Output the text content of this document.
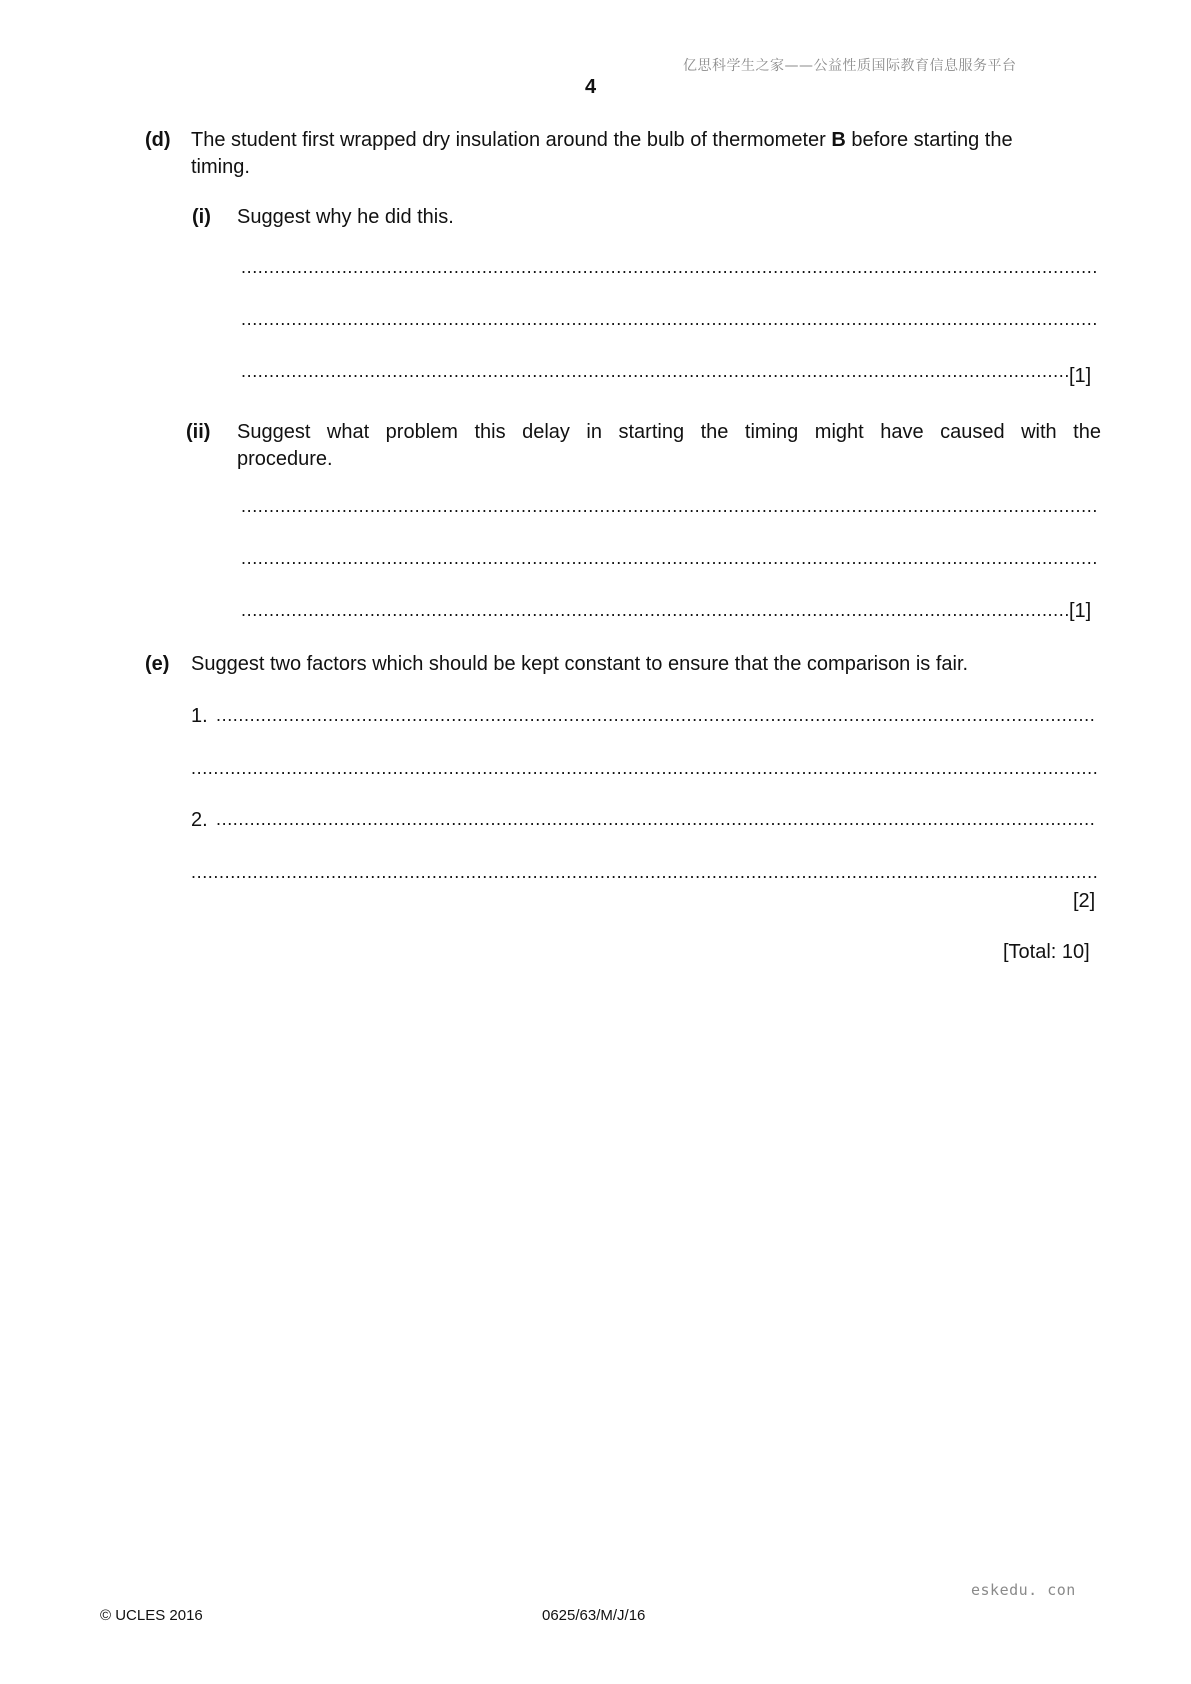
亿思科学生之家——公益性质国际教育信息服务平台
4
(d) The student first wrapped dry insulation around the bulb of thermometer B before starting the
timing.
(i) Suggest why he did this.
.....
.....
.....
[1]
(ii) Suggest what problem this delay in starting the timing might have caused with the
procedure.
.....
.....
.....
[1]
(e) Suggest two factors which should be kept constant to ensure that the comparison is fair.
1.
.....
.....
2.
.....
.....
[2]
[Total: 10]
eskedu. con
© UCLES 2016	0625/63/M/J/16
